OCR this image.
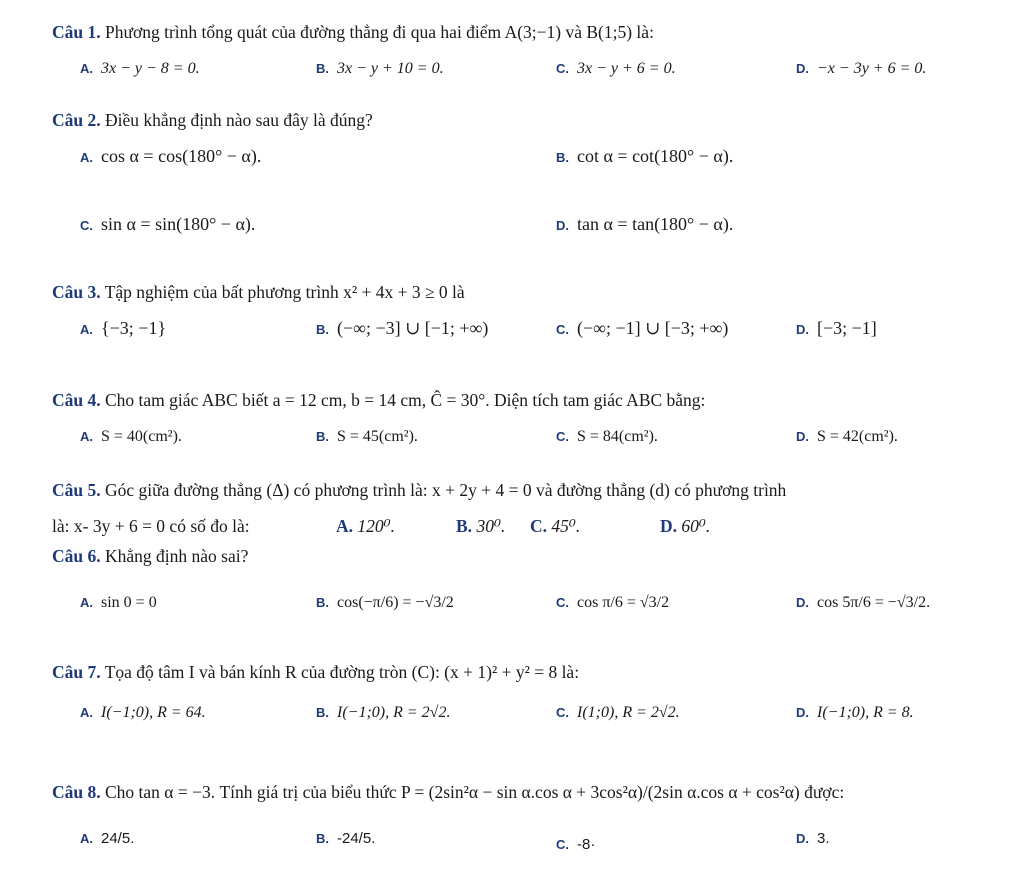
Câu 1. Phương trình tổng quát của đường thẳng đi qua hai điểm A(3;−1) và B(1;5) là:
A. 3x − y − 8 = 0.	B. 3x − y + 10 = 0.	C. 3x − y + 6 = 0.	D. −x − 3y + 6 = 0.
Câu 2. Điều khẳng định nào sau đây là đúng?
A. cos α = cos(180° − α).	B. cot α = cot(180° − α).
C. sin α = sin(180° − α).	D. tan α = tan(180° − α).
Câu 3. Tập nghiệm của bất phương trình x² + 4x + 3 ≥ 0 là
A. {−3; −1}	B. (−∞; −3] ∪ [−1; +∞)	C. (−∞; −1] ∪ [−3; +∞)	D. [−3; −1]
Câu 4. Cho tam giác ABC biết a = 12 cm, b = 14 cm, Ĉ = 30°. Diện tích tam giác ABC bằng:
A. S = 40(cm²).	B. S = 45(cm²).	C. S = 84(cm²).	D. S = 42(cm²).
Câu 5. Góc giữa đường thẳng (Δ) có phương trình là: x + 2y + 4 = 0 và đường thẳng (d) có phương trình
là: x- 3y + 6 = 0 có số đo là:	A. 120⁰.	B. 30⁰. C. 45⁰.	D. 60⁰.
Câu 6. Khẳng định nào sai?
A. sin 0 = 0	B. cos(−π/6) = −√3/2	C. cos π/6 = √3/2	D. cos 5π/6 = −√3/2.
Câu 7. Tọa độ tâm I và bán kính R của đường tròn (C): (x + 1)² + y² = 8 là:
A. I(−1;0), R = 64.	B. I(−1;0), R = 2√2.	C. I(1;0), R = 2√2.	D. I(−1;0), R = 8.
Câu 8. Cho tan α = −3. Tính giá trị của biểu thức P = (2sin²α − sin α.cos α + 3cos²α)/(2sin α.cos α + cos²α) được:
A. 24/5.	B. -24/5.	C. -8·	D. 3.
